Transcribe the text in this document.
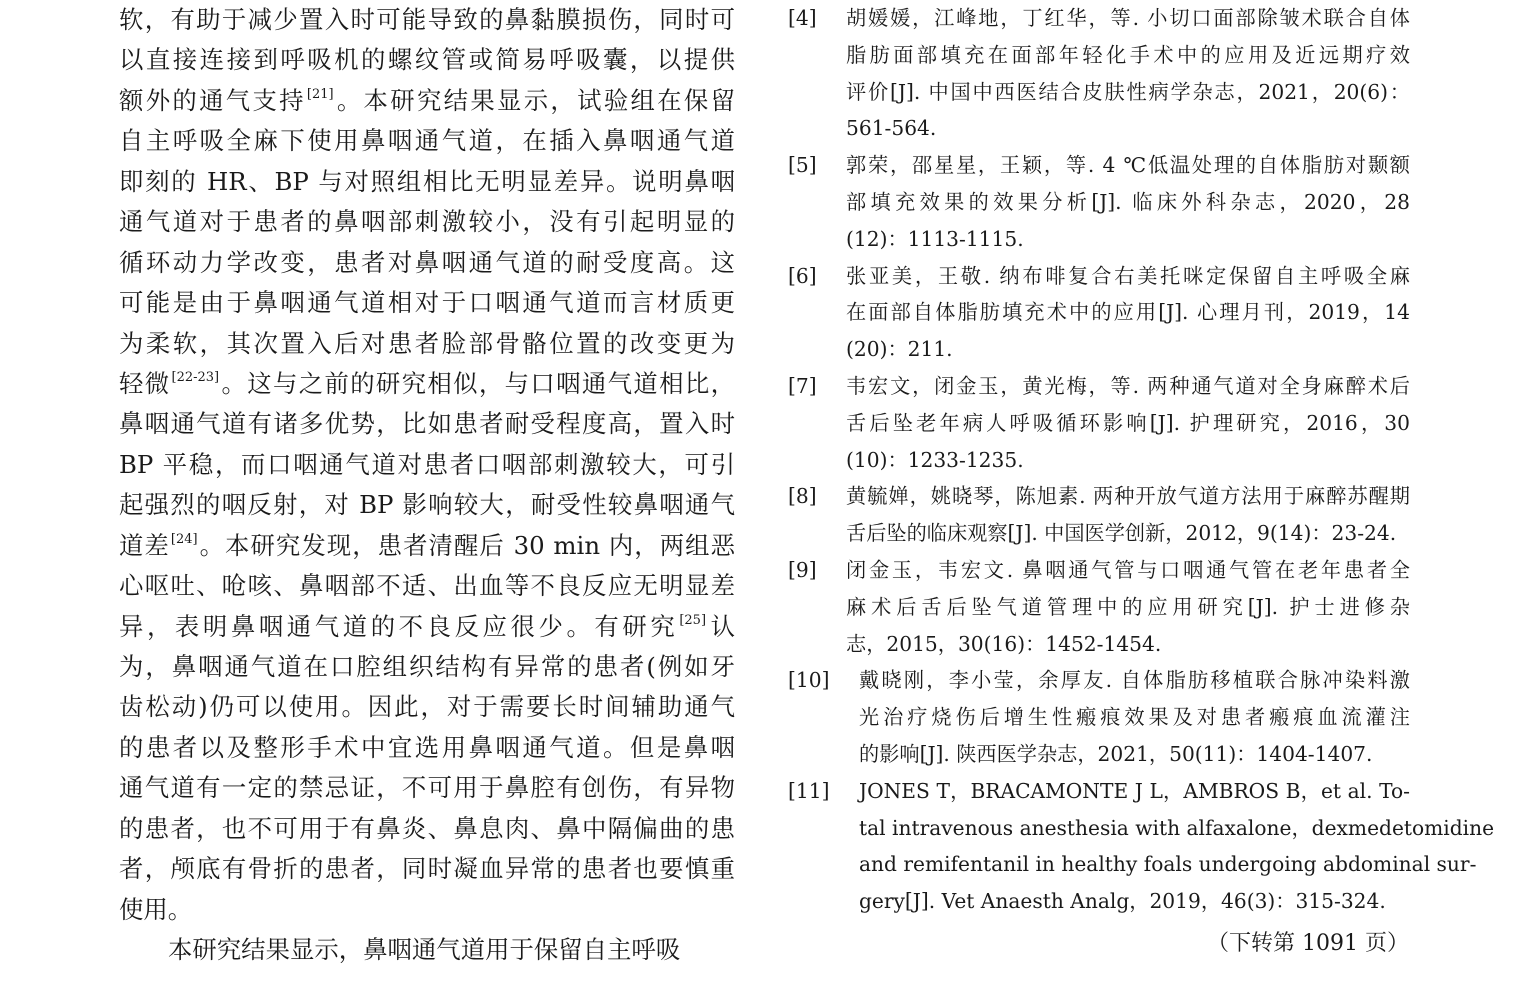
软，有助于减少置入时可能导致的鼻黏膜损伤，同时可
以直接连接到呼吸机的螺纹管或简易呼吸囊，以提供
额外的通气支持[21]。本研究结果显示，试验组在保留
自主呼吸全麻下使用鼻咽通气道，在插入鼻咽通气道
即刻的 HR、BP 与对照组相比无明显差异。说明鼻咽
通气道对于患者的鼻咽部刺激较小，没有引起明显的
循环动力学改变，患者对鼻咽通气道的耐受度高。这
可能是由于鼻咽通气道相对于口咽通气道而言材质更
为柔软，其次置入后对患者脸部骨骼位置的改变更为
轻微[22-23]。这与之前的研究相似，与口咽通气道相比，
鼻咽通气道有诸多优势，比如患者耐受程度高，置入时
BP 平稳，而口咽通气道对患者口咽部刺激较大，可引
起强烈的咽反射，对 BP 影响较大，耐受性较鼻咽通气
道差[24]。本研究发现，患者清醒后 30 min 内，两组恶
心呕吐、呛咳、鼻咽部不适、出血等不良反应无明显差
异，表明鼻咽通气道的不良反应很少。有研究[25]认
为，鼻咽通气道在口腔组织结构有异常的患者(例如牙
齿松动)仍可以使用。因此，对于需要长时间辅助通气
的患者以及整形手术中宜选用鼻咽通气道。但是鼻咽
通气道有一定的禁忌证，不可用于鼻腔有创伤，有异物
的患者，也不可用于有鼻炎、鼻息肉、鼻中隔偏曲的患
者，颅底有骨折的患者，同时凝血异常的患者也要慎重
使用。
本研究结果显示，鼻咽通气道用于保留自主呼吸
[4]	胡媛媛，江峰地，丁红华，等. 小切口面部除皱术联合自体
脂肪面部填充在面部年轻化手术中的应用及近远期疗效
评价[J]. 中国中西医结合皮肤性病学杂志，2021，20(6)：
561-564.
[5]	郭荣，邵星星，王颖，等. 4 ℃低温处理的自体脂肪对颞额
部填充效果的效果分析[J]. 临床外科杂志，2020，28
(12)：1113-1115.
[6]	张亚美，王敬. 纳布啡复合右美托咪定保留自主呼吸全麻
在面部自体脂肪填充术中的应用[J]. 心理月刊，2019，14
(20)：211.
[7]	韦宏文，闭金玉，黄光梅，等. 两种通气道对全身麻醉术后
舌后坠老年病人呼吸循环影响[J]. 护理研究，2016，30
(10)：1233-1235.
[8]	黄毓婵，姚晓琴，陈旭素. 两种开放气道方法用于麻醉苏醒期
舌后坠的临床观察[J]. 中国医学创新，2012，9(14)：23-24.
[9]	闭金玉，韦宏文. 鼻咽通气管与口咽通气管在老年患者全
麻术后舌后坠气道管理中的应用研究[J]. 护士进修杂
志，2015，30(16)：1452-1454.
[10]	戴晓刚，李小莹，余厚友. 自体脂肪移植联合脉冲染料激
光治疗烧伤后增生性瘢痕效果及对患者瘢痕血流灌注
的影响[J]. 陕西医学杂志，2021，50(11)：1404-1407.
[11]	JONES T，BRACAMONTE J L，AMBROS B，et al. To-
tal intravenous anesthesia with alfaxalone，dexmedetomidine
and remifentanil in healthy foals undergoing abdominal sur-
gery[J]. Vet Anaesth Analg，2019，46(3)：315-324.
（下转第 1091 页）
